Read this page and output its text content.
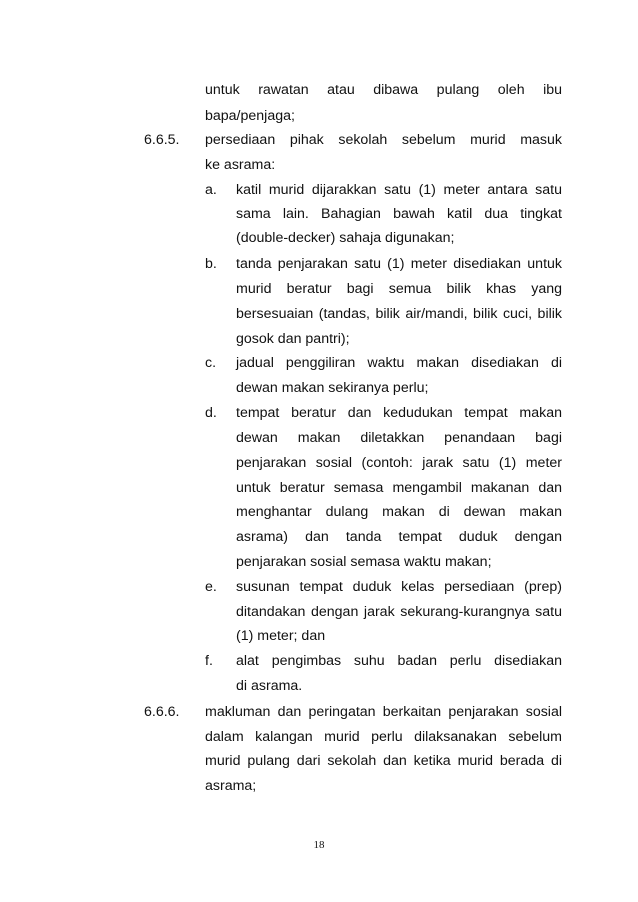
untuk rawatan atau dibawa pulang oleh ibu
bapa/penjaga;
6.6.5. persediaan pihak sekolah sebelum murid masuk
ke asrama:
a. katil murid dijarakkan satu (1) meter antara satu
sama lain. Bahagian bawah katil dua tingkat
(double-decker) sahaja digunakan;
b. tanda penjarakan satu (1) meter disediakan untuk
murid beratur bagi semua bilik khas yang
bersesuaian (tandas, bilik air/mandi, bilik cuci, bilik
gosok dan pantri);
c. jadual penggiliran waktu makan disediakan di
dewan makan sekiranya perlu;
d. tempat beratur dan kedudukan tempat makan
dewan makan diletakkan penandaan bagi
penjarakan sosial (contoh: jarak satu (1) meter
untuk beratur semasa mengambil makanan dan
menghantar dulang makan di dewan makan
asrama) dan tanda tempat duduk dengan
penjarakan sosial semasa waktu makan;
e. susunan tempat duduk kelas persediaan (prep)
ditandakan dengan jarak sekurang-kurangnya satu
(1) meter; dan
f. alat pengimbas suhu badan perlu disediakan
di asrama.
6.6.6. makluman dan peringatan berkaitan penjarakan sosial
dalam kalangan murid perlu dilaksanakan sebelum
murid pulang dari sekolah dan ketika murid berada di
asrama;
18
